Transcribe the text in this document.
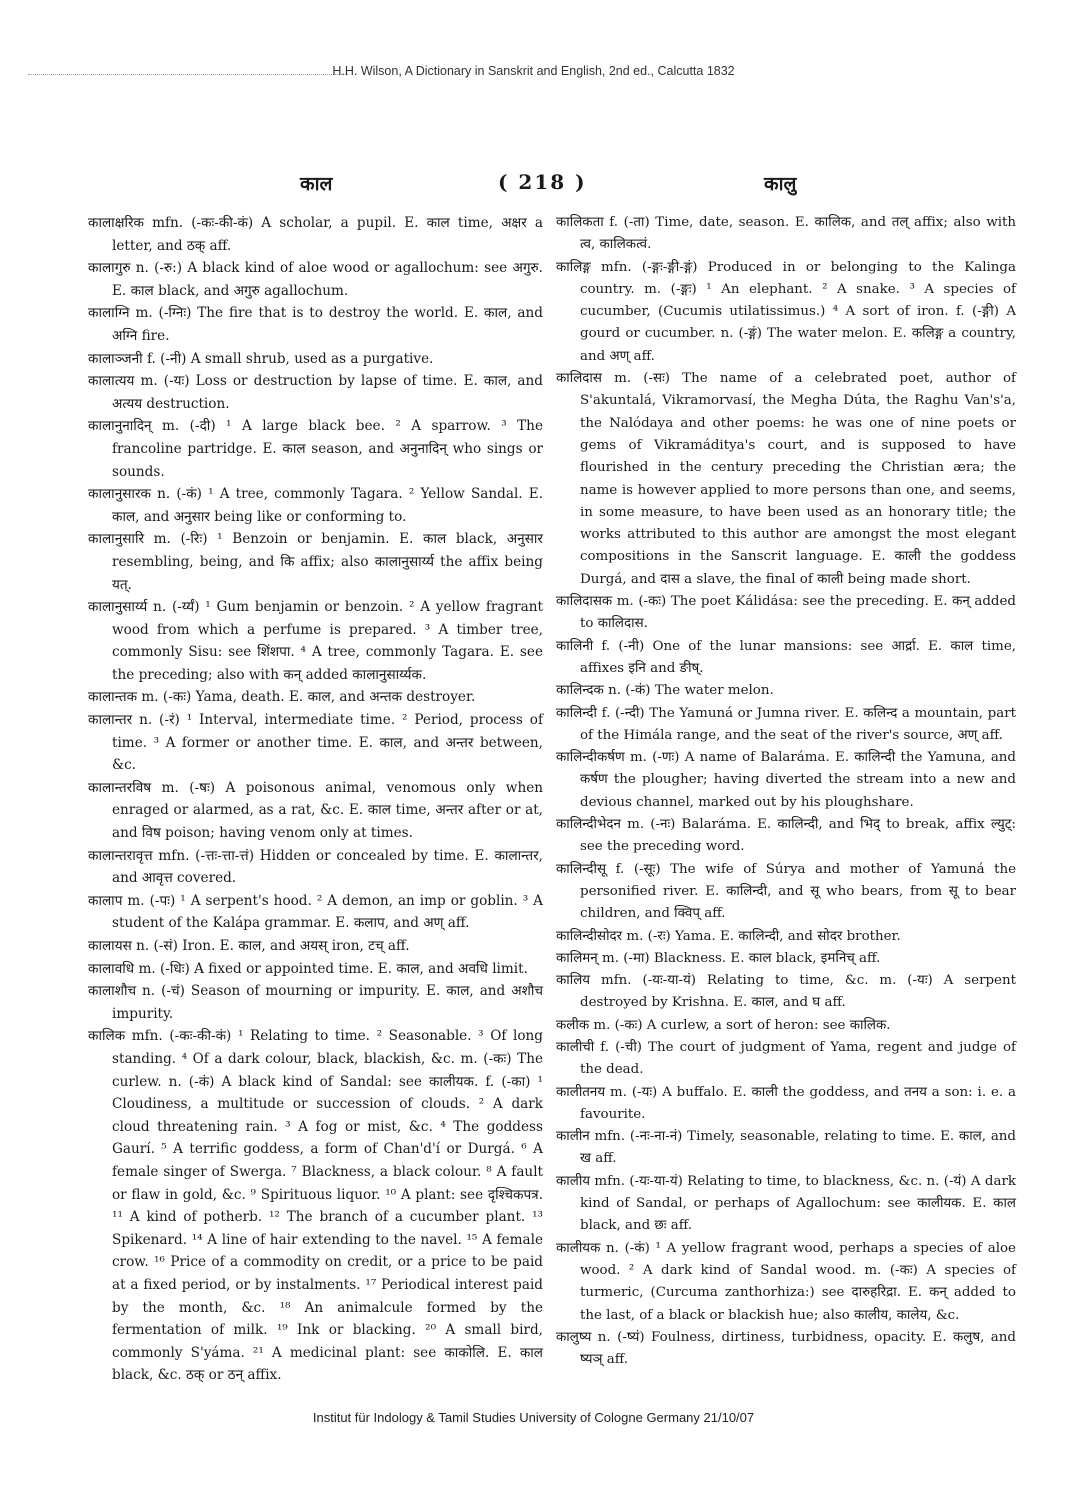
H.H. Wilson, A Dictionary in Sanskrit and English, 2nd ed., Calcutta 1832
काल	( 218 )	कालु

कालाक्षरिक mfn. (-कः-की-कं) A scholar, a pupil. E. काल time, अक्षर a letter, and ठक् aff.

कालागुरु n. (-रु:) A black kind of aloe wood or agallochum: see अगुरु. E. काल black, and अगुरु agallochum.

कालाग्नि m. (-ग्निः) The fire that is to destroy the world. E. काल, and अग्नि fire.

कालाञ्जनी f. (-नी) A small shrub, used as a purgative.

कालात्यय m. (-यः) Loss or destruction by lapse of time. E. काल, and अत्यय destruction.

कालानुनादिन् m. (-दी) ¹ A large black bee. ² A sparrow. ³ The francoline partridge. E. काल season, and अनुनादिन् who sings or sounds.

कालानुसारक n. (-कं) ¹ A tree, commonly Tagara. ² Yellow Sandal. E. काल, and अनुसार being like or conforming to.

कालानुसारि m. (-रिः) ¹ Benzoin or benjamin. E. काल black, अनुसार resembling, being, and कि affix; also कालानुसार्य्य the affix being यत्.

कालानुसार्य्य n. (-र्य्यं) ¹ Gum benjamin or benzoin. ² A yellow fragrant wood from which a perfume is prepared. ³ A timber tree, commonly Sisu: see शिंशपा. ⁴ A tree, commonly Tagara. E. see the preceding; also with कन् added कालानुसार्य्यक.

कालान्तक m. (-कः) Yama, death. E. काल, and अन्तक destroyer.

कालान्तर n. (-रं) ¹ Interval, intermediate time. ² Period, process of time. ³ A former or another time. E. काल, and अन्तर between, &c.

कालान्तरविष m. (-षः) A poisonous animal, venomous only when enraged or alarmed, as a rat, &c. E. काल time, अन्तर after or at, and विष poison; having venom only at times.

कालान्तरावृत्त mfn. (-त्तः-त्ता-त्तं) Hidden or concealed by time. E. कालान्तर, and आवृत्त covered.

कालाप m. (-पः) ¹ A serpent's hood. ² A demon, an imp or goblin. ³ A student of the Kalápa grammar. E. कलाप, and अण् aff.

कालायस n. (-सं) Iron. E. काल, and अयस् iron, टच् aff.

कालावधि m. (-धिः) A fixed or appointed time. E. काल, and अवधि limit.

कालाशौच n. (-चं) Season of mourning or impurity. E. काल, and अशौच impurity.

कालिक mfn. (-कः-की-कं) ¹ Relating to time. ² Seasonable. ³ Of long standing. ⁴ Of a dark colour, black, blackish, &c. m. (-कः) The curlew. n. (-कं) A black kind of Sandal: see कालीयक. f. (-का) ¹ Cloudiness, a multitude or succession of clouds. ² A dark cloud threatening rain. ³ A fog or mist, &c. ⁴ The goddess Gaurí. ⁵ A terrific goddess, a form of Chan'd'í or Durgá. ⁶ A female singer of Swerga. ⁷ Blackness, a black colour. ⁸ A fault or flaw in gold, &c. ⁹ Spirituous liquor. ¹⁰ A plant: see दृश्चिकपत्र. ¹¹ A kind of potherb. ¹² The branch of a cucumber plant. ¹³ Spikenard. ¹⁴ A line of hair extending to the navel. ¹⁵ A female crow. ¹⁶ Price of a commodity on credit, or a price to be paid at a fixed period, or by instalments. ¹⁷ Periodical interest paid by the month, &c. ¹⁸ An animalcule formed by the fermentation of milk. ¹⁹ Ink or blacking. ²⁰ A small bird, commonly S'yáma. ²¹ A medicinal plant: see काकोलि. E. काल black, &c. ठक् or ठन् affix.

कालिकता f. (-ता) Time, date, season. E. कालिक, and तल् affix; also with त्व, कालिकत्वं.

कालिङ्ग mfn. (-ङ्गः-ङ्गी-ङ्गं) Produced in or belonging to the Kalinga country. m. (-ङ्गः) ¹ An elephant. ² A snake. ³ A species of cucumber, (Cucumis utilatissimus.) ⁴ A sort of iron. f. (-ङ्गी) A gourd or cucumber. n. (-ङ्गं) The water melon. E. कलिङ्ग a country, and अण् aff.

कालिदास m. (-सः) The name of a celebrated poet, author of S'akuntalá, Vikramorvasí, the Megha Dúta, the Raghu Van's'a, the Nalódaya and other poems: he was one of nine poets or gems of Vikramáditya's court, and is supposed to have flourished in the century preceding the Christian æra; the name is however applied to more persons than one, and seems, in some measure, to have been used as an honorary title; the works attributed to this author are amongst the most elegant compositions in the Sanscrit language. E. काली the goddess Durgá, and दास a slave, the final of काली being made short.

कालिदासक m. (-कः) The poet Kálidása: see the preceding. E. कन् added to कालिदास.

कालिनी f. (-नी) One of the lunar mansions: see आर्द्रा. E. काल time, affixes इनि and ङीष्.

कालिन्दक n. (-कं) The water melon.

कालिन्दी f. (-न्दी) The Yamuná or Jumna river. E. कलिन्द a mountain, part of the Himála range, and the seat of the river's source, अण् aff.

कालिन्दीकर्षण m. (-णः) A name of Balaráma. E. कालिन्दी the Yamuna, and कर्षण the plougher; having diverted the stream into a new and devious channel, marked out by his ploughshare.

कालिन्दीभेदन m. (-नः) Balaráma. E. कालिन्दी, and भिद् to break, affix ल्युट्: see the preceding word.

कालिन्दीसू f. (-सूः) The wife of Súrya and mother of Yamuná the personified river. E. कालिन्दी, and सू who bears, from सू to bear children, and क्विप् aff.

कालिन्दीसोदर m. (-रः) Yama. E. कालिन्दी, and सोदर brother.

कालिमन् m. (-मा) Blackness. E. काल black, इमनिच् aff.

कालिय mfn. (-यः-या-यं) Relating to time, &c. m. (-यः) A serpent destroyed by Krishna. E. काल, and घ aff.

कलीक m. (-कः) A curlew, a sort of heron: see कालिक.

कालीची f. (-ची) The court of judgment of Yama, regent and judge of the dead.

कालीतनय m. (-यः) A buffalo. E. काली the goddess, and तनय a son: i. e. a favourite.

कालीन mfn. (-नः-ना-नं) Timely, seasonable, relating to time. E. काल, and ख aff.

कालीय mfn. (-यः-या-यं) Relating to time, to blackness, &c. n. (-यं) A dark kind of Sandal, or perhaps of Agallochum: see कालीयक. E. काल black, and छः aff.

कालीयक n. (-कं) ¹ A yellow fragrant wood, perhaps a species of aloe wood. ² A dark kind of Sandal wood. m. (-कः) A species of turmeric, (Curcuma zanthorhiza:) see दारुहरिद्रा. E. कन् added to the last, of a black or blackish hue; also कालीय, कालेय, &c.

कालुष्य n. (-ष्यं) Foulness, dirtiness, turbidness, opacity. E. कलुष, and ष्यञ् aff.

Institut für Indology & Tamil Studies University of Cologne Germany 21/10/07
